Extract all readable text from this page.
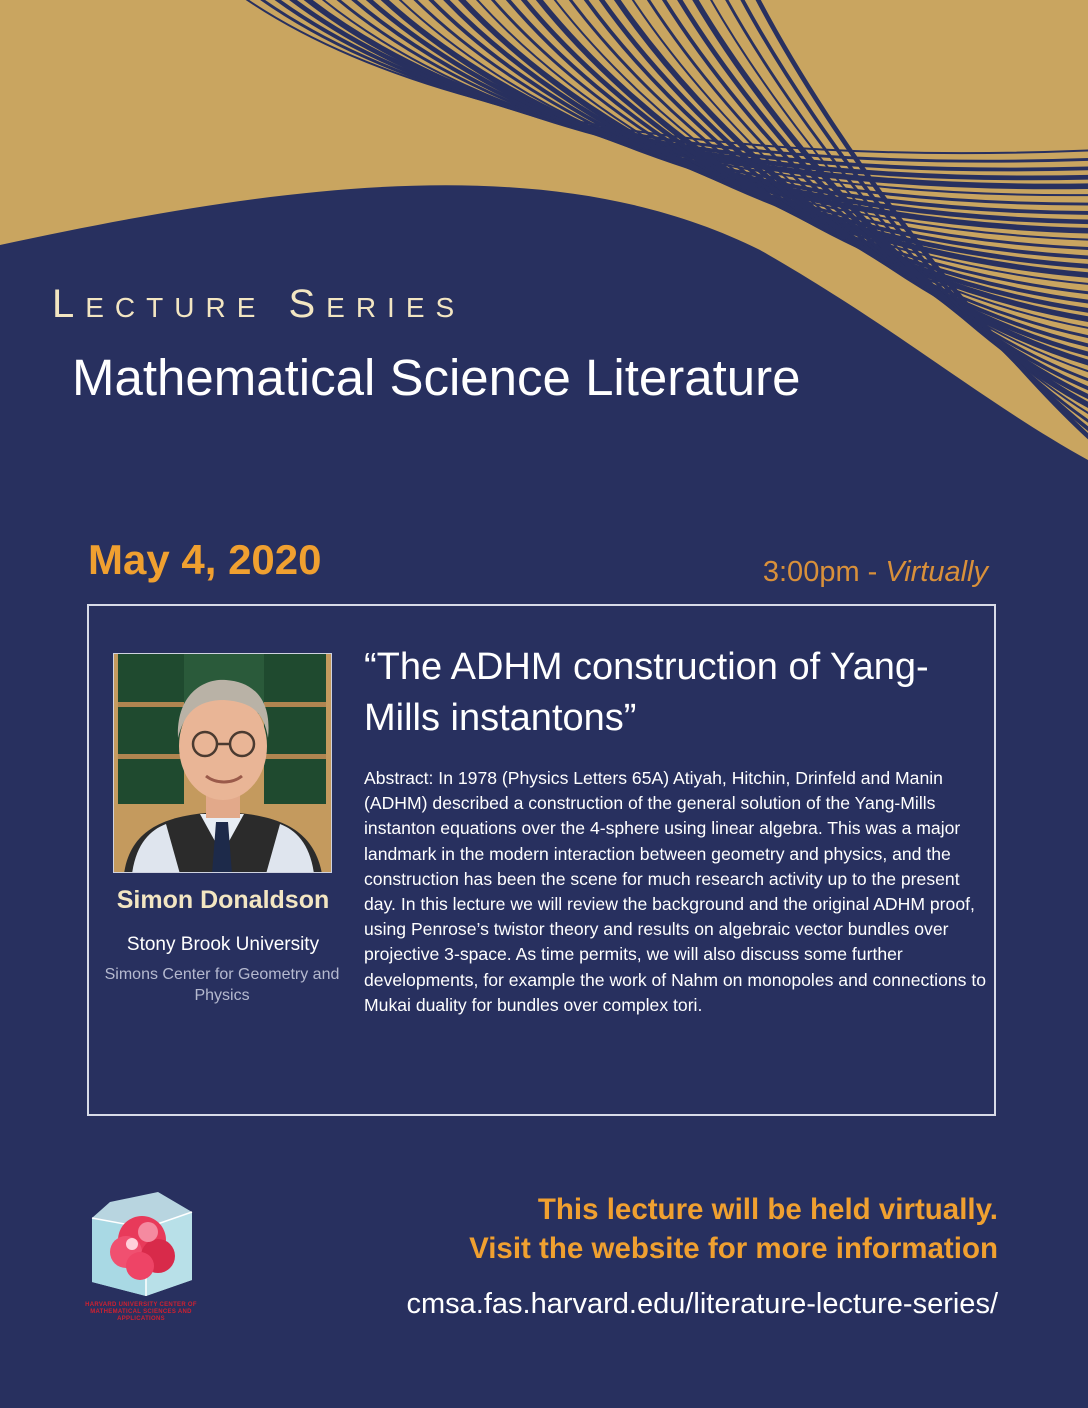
Lecture Series
Mathematical Science Literature
May 4, 2020	3:00pm - Virtually
Simon Donaldson
Stony Brook University
Simons Center for Geometry and Physics
“The ADHM construction of Yang-Mills instantons”
Abstract: In 1978 (Physics Letters 65A) Atiyah, Hitchin, Drinfeld and Manin (ADHM) described a construction of the general solution of the Yang-Mills instanton equations over the 4-sphere using linear algebra. This was a major landmark in the modern interaction between geometry and physics, and the construction has been the scene for much research activity up to the present day. In this lecture we will review the background and the original ADHM proof, using Penrose’s twistor theory and results on algebraic vector bundles over projective 3-space. As time permits, we will also discuss some further developments, for example the work of Nahm on monopoles and connections to Mukai duality for bundles over complex tori.
HARVARD UNIVERSITY CENTER OF MATHEMATICAL SCIENCES AND APPLICATIONS
This lecture will be held virtually.
Visit the website for more information
cmsa.fas.harvard.edu/literature-lecture-series/
